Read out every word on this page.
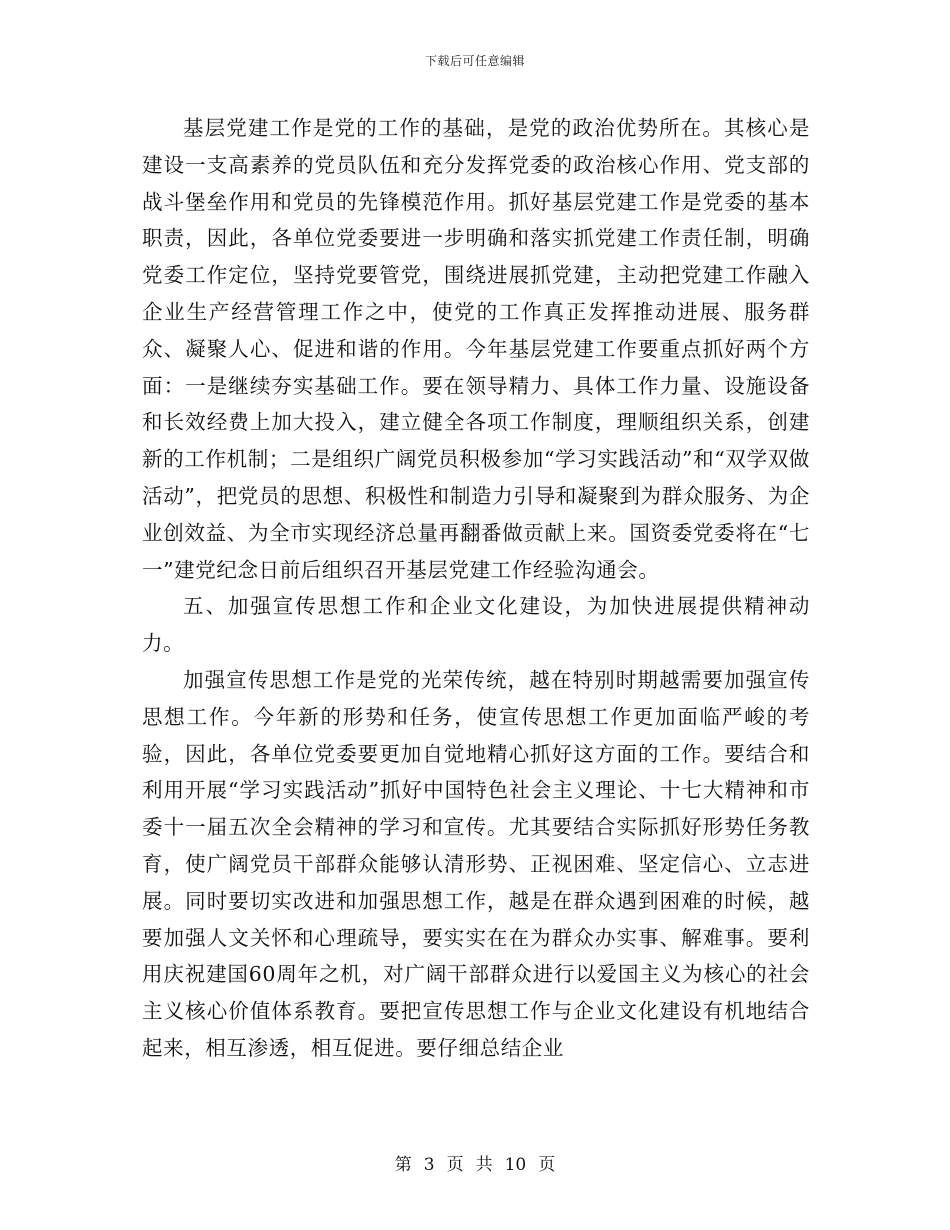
下载后可任意编辑

基层党建工作是党的工作的基础，是党的政治优势所在。其核心是建设一支高素养的党员队伍和充分发挥党委的政治核心作用、党支部的战斗堡垒作用和党员的先锋模范作用。抓好基层党建工作是党委的基本职责，因此，各单位党委要进一步明确和落实抓党建工作责任制，明确党委工作定位，坚持党要管党，围绕进展抓党建，主动把党建工作融入企业生产经营管理工作之中，使党的工作真正发挥推动进展、服务群众、凝聚人心、促进和谐的作用。今年基层党建工作要重点抓好两个方面：一是继续夯实基础工作。要在领导精力、具体工作力量、设施设备和长效经费上加大投入，建立健全各项工作制度，理顺组织关系，创建新的工作机制；二是组织广阔党员积极参加“学习实践活动”和“双学双做活动”，把党员的思想、积极性和制造力引导和凝聚到为群众服务、为企业创效益、为全市实现经济总量再翻番做贡献上来。国资委党委将在“七一”建党纪念日前后组织召开基层党建工作经验沟通会。

五、加强宣传思想工作和企业文化建设，为加快进展提供精神动力。

加强宣传思想工作是党的光荣传统，越在特别时期越需要加强宣传思想工作。今年新的形势和任务，使宣传思想工作更加面临严峻的考验，因此，各单位党委要更加自觉地精心抓好这方面的工作。要结合和利用开展“学习实践活动”抓好中国特色社会主义理论、十七大精神和市委十一届五次全会精神的学习和宣传。尤其要结合实际抓好形势任务教育，使广阔党员干部群众能够认清形势、正视困难、坚定信心、立志进展。同时要切实改进和加强思想工作，越是在群众遇到困难的时候，越要加强人文关怀和心理疏导，要实实在在为群众办实事、解难事。要利用庆祝建国60周年之机，对广阔干部群众进行以爱国主义为核心的社会主义核心价值体系教育。要把宣传思想工作与企业文化建设有机地结合起来，相互渗透，相互促进。要仔细总结企业

第 3 页 共 10 页
